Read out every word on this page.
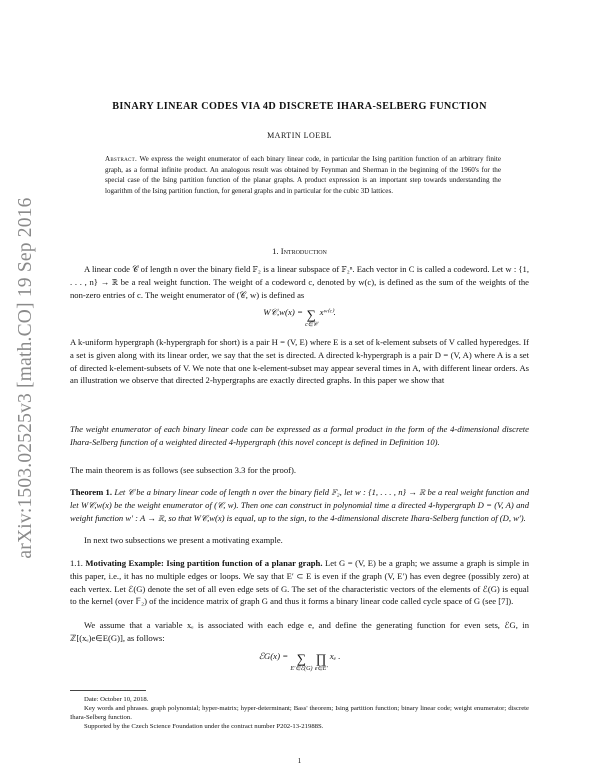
arXiv:1503.02525v3 [math.CO] 19 Sep 2016
BINARY LINEAR CODES VIA 4D DISCRETE IHARA-SELBERG FUNCTION
MARTIN LOEBL
Abstract. We express the weight enumerator of each binary linear code, in particular the Ising partition function of an arbitrary finite graph, as a formal infinite product. An analogous result was obtained by Feynman and Sherman in the beginning of the 1960's for the special case of the Ising partition function of the planar graphs. A product expression is an important step towards understanding the logarithm of the Ising partition function, for general graphs and in particular for the cubic 3D lattices.
1. Introduction
A linear code 𝒞 of length n over the binary field 𝔽₂ is a linear subspace of 𝔽₂ⁿ. Each vector in C is called a codeword. Let w : {1, . . . , n} → ℝ be a real weight function. The weight of a codeword c, denoted by w(c), is defined as the sum of the weights of the non-zero entries of c. The weight enumerator of (𝒞, w) is defined as
W𝒞,w(x) = ∑
c∈𝒞
xʷ⁽ᶜ⁾.
A k-uniform hypergraph (k-hypergraph for short) is a pair H = (V, E) where E is a set of k-element subsets of V called hyperedges. If a set is given along with its linear order, we say that the set is directed. A directed k-hypergraph is a pair D = (V, A) where A is a set of directed k-element-subsets of V. We note that one k-element-subset may appear several times in A, with different linear orders. As an illustration we observe that directed 2-hypergraphs are exactly directed graphs. In this paper we show that
The weight enumerator of each binary linear code can be expressed as a formal product in the form of the 4-dimensional discrete Ihara-Selberg function of a weighted directed 4-hypergraph (this novel concept is defined in Definition 10).
The main theorem is as follows (see subsection 3.3 for the proof).
Theorem 1. Let 𝒞 be a binary linear code of length n over the binary field 𝔽₂, let w : {1, . . . , n} → ℝ be a real weight function and let W𝒞,w(x) be the weight enumerator of (𝒞, w). Then one can construct in polynomial time a directed 4-hypergraph D = (V, A) and weight function w′ : A → ℝ, so that W𝒞,w(x) is equal, up to the sign, to the 4-dimensional discrete Ihara-Selberg function of (D, w′).
In next two subsections we present a motivating example.
1.1. Motivating Example: Ising partition function of a planar graph. Let G = (V, E) be a graph; we assume a graph is simple in this paper, i.e., it has no multiple edges or loops. We say that E′ ⊂ E is even if the graph (V, E′) has even degree (possibly zero) at each vertex. Let ℰ(G) denote the set of all even edge sets of G. The set of the characteristic vectors of the elements of ℰ(G) is equal to the kernel (over 𝔽₂) of the incidence matrix of graph G and thus it forms a binary linear code called cycle space of G (see [7]).
We assume that a variable xₑ is associated with each edge e, and define the generating function for even sets, ℰG, in ℤ[(xₑ)e∈E(G)], as follows:
ℰG(x) = ∑
E′∈ℰ(G)
∏
e∈E′
xₑ .
Date: October 10, 2018.
Key words and phrases. graph polynomial; hyper-matrix; hyper-determinant; Bass' theorem; Ising partition function; binary linear code; weight enumerator; discrete Ihara-Selberg function.
Supported by the Czech Science Foundation under the contract number P202-13-21988S.
1
